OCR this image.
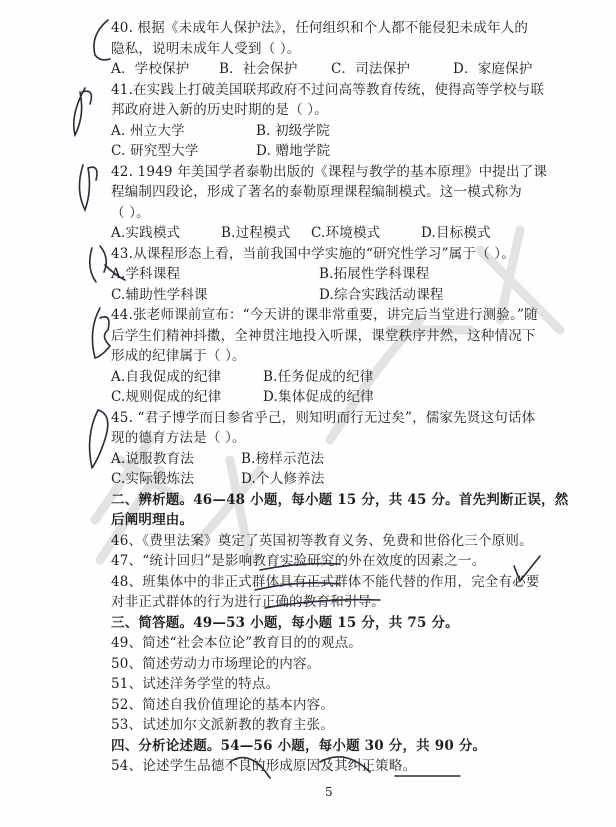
40. 根据《未成年人保护法》，任何组织和个人都不能侵犯未成年人的
隐私，说明未成年人受到（ ）。
A．学校保护 B．社会保护 C．司法保护	D．家庭保护
41.在实践上打破美国联邦政府不过问高等教育传统，使得高等学校与联
邦政府进入新的历史时期的是（ ）。
A. 州立大学	B. 初级学院
C. 研究型大学	D. 赠地学院
42. 1949 年美国学者泰勒出版的《课程与教学的基本原理》中提出了课
程编制四段论，形成了著名的泰勒原理课程编制模式。这一模式称为
（ ）。
A.实践模式	B.过程模式 C.环境模式	D.目标模式
43.从课程形态上看，当前我国中学实施的“研究性学习”属于（ ）。
A.学科课程	B.拓展性学科课程
C.辅助性学科课	D.综合实践活动课程
44.张老师课前宣布：“今天讲的课非常重要，讲完后当堂进行测验。”随
后学生们精神抖擞，全神贯注地投入听课，课堂秩序井然，这种情况下
形成的纪律属于（ ）。
A.自我促成的纪律	B.任务促成的纪律
C.规则促成的纪律	D.集体促成的纪律
45. “君子博学而日参省乎己，则知明而行无过矣”，儒家先贤这句话体
现的德育方法是（ ）。
A.说服教育法	B.榜样示范法
C.实际锻炼法	D.个人修养法
二、辨析题。46—48 小题，每小题 15 分，共 45 分。首先判断正误，然
后阐明理由。
46、《费里法案》奠定了英国初等教育义务、免费和世俗化三个原则。
47、“统计回归”是影响教育实验研究的外在效度的因素之一。
48、班集体中的非正式群体具有正式群体不能代替的作用，完全有必要
对非正式群体的行为进行正确的教育和引导。
三、简答题。49—53 小题，每小题 15 分，共 75 分。
49、简述“社会本位论”教育目的的观点。
50、简述劳动力市场理论的内容。
51、试述洋务学堂的特点。
52、简述自我价值理论的基本内容。
53、试述加尔文派新教的教育主张。
四、分析论述题。54—56 小题，每小题 30 分，共 90 分。
54、论述学生品德不良的形成原因及其纠正策略。
5
